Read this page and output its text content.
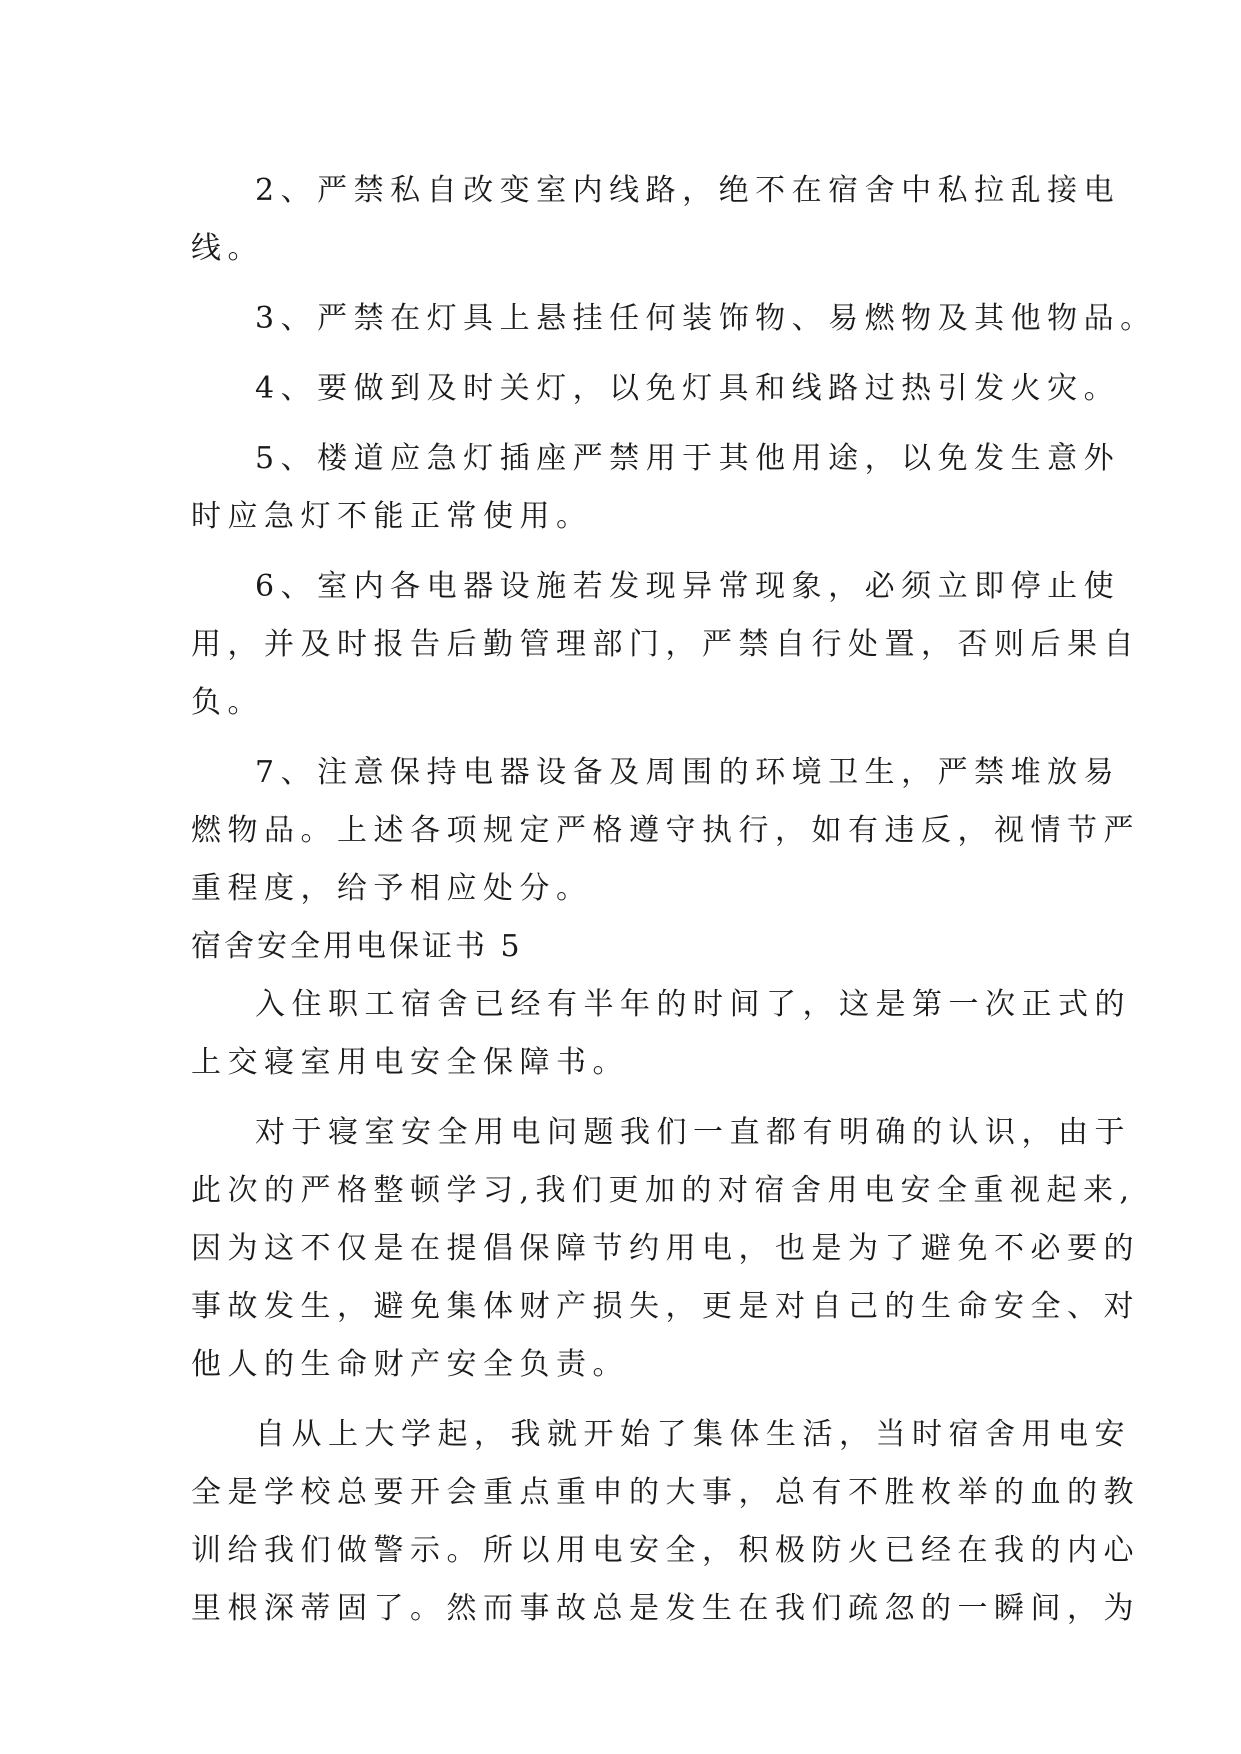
2、严禁私自改变室内线路，绝不在宿舍中私拉乱接电
线。
3、严禁在灯具上悬挂任何装饰物、易燃物及其他物品。
4、要做到及时关灯，以免灯具和线路过热引发火灾。
5、楼道应急灯插座严禁用于其他用途，以免发生意外
时应急灯不能正常使用。
6、室内各电器设施若发现异常现象，必须立即停止使
用，并及时报告后勤管理部门，严禁自行处置，否则后果自
负。
7、注意保持电器设备及周围的环境卫生，严禁堆放易
燃物品。上述各项规定严格遵守执行，如有违反，视情节严
重程度，给予相应处分。
宿舍安全用电保证书 5
入住职工宿舍已经有半年的时间了，这是第一次正式的
上交寝室用电安全保障书。
对于寝室安全用电问题我们一直都有明确的认识，由于
此次的严格整顿学习,我们更加的对宿舍用电安全重视起来,
因为这不仅是在提倡保障节约用电，也是为了避免不必要的
事故发生，避免集体财产损失，更是对自己的生命安全、对
他人的生命财产安全负责。
自从上大学起，我就开始了集体生活，当时宿舍用电安
全是学校总要开会重点重申的大事，总有不胜枚举的血的教
训给我们做警示。所以用电安全，积极防火已经在我的内心
里根深蒂固了。然而事故总是发生在我们疏忽的一瞬间，为
